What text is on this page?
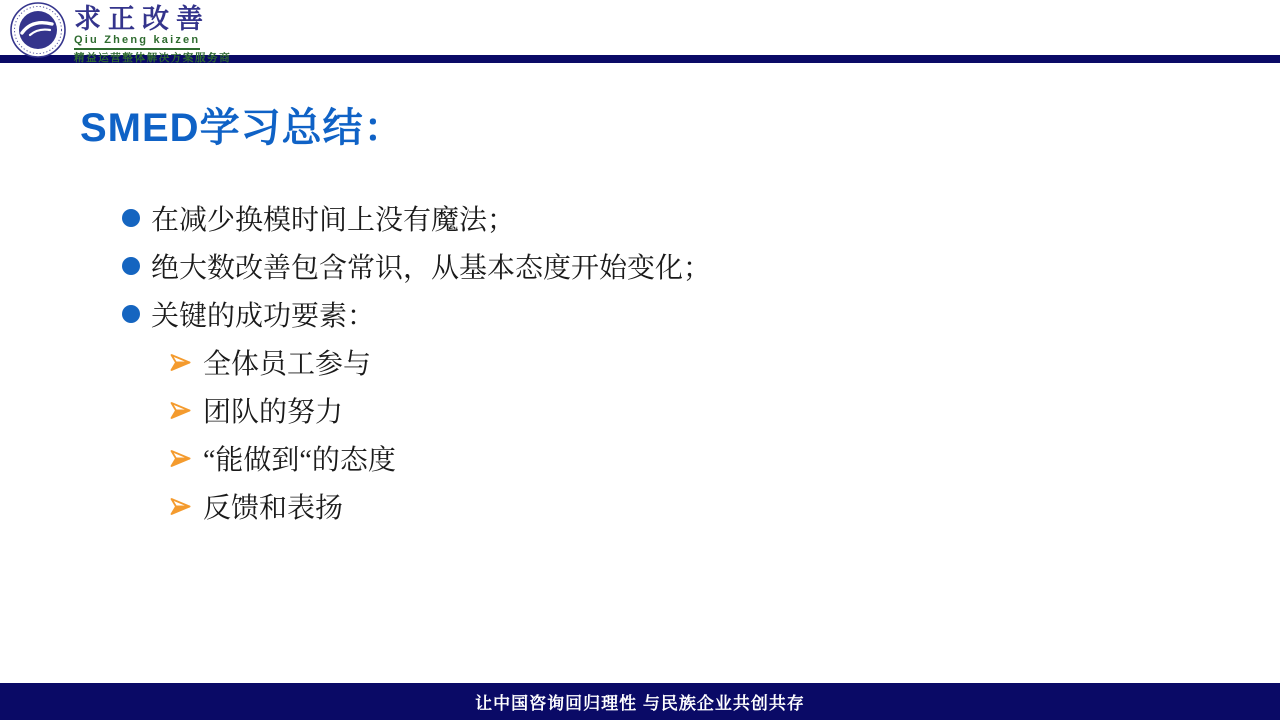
求正改善
Qiu Zheng kaizen
精益运营整体解决方案服务商
SMED学习总结：
在减少换模时间上没有魔法；
绝大数改善包含常识，从基本态度开始变化；
关键的成功要素：
全体员工参与
团队的努力
“能做到“的态度
反馈和表扬
让中国咨询回归理性 与民族企业共创共存
